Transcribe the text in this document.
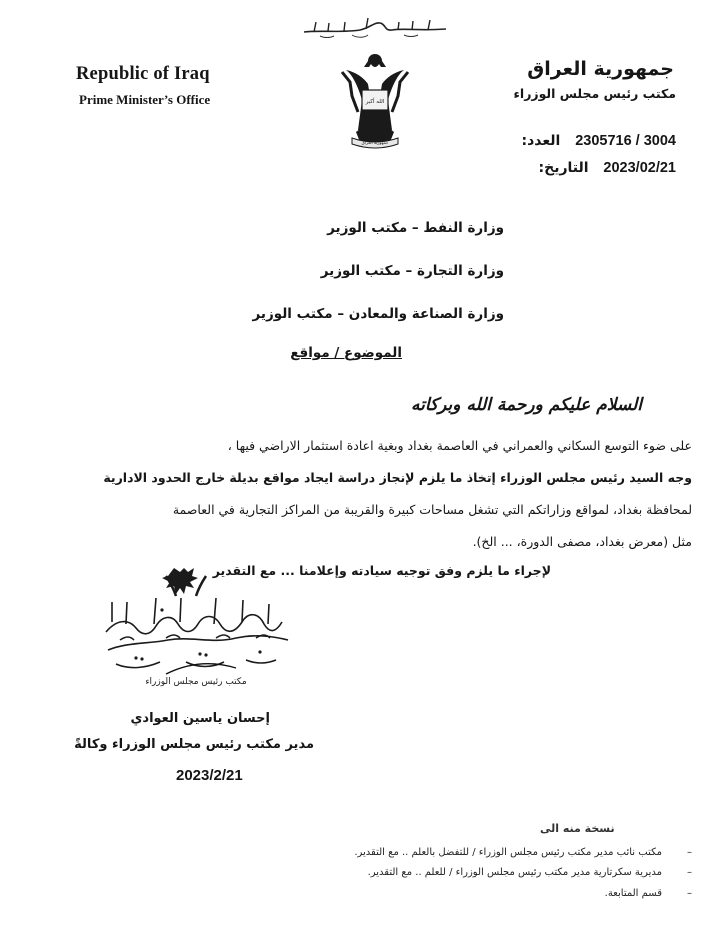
Republic of Iraq
Prime Minister’s Office	الله أكبر
جمهورية العراق
جمهورية العراق
مكتب رئيس مجلس الوزراء
العدد: 2305716 / 3004
التاريخ: 2023/02/21
وزارة النفط – مكتب الوزير
وزارة التجارة – مكتب الوزير
وزارة الصناعة والمعادن – مكتب الوزير
الموضوع / مواقع
السلام عليكم ورحمة الله وبركاته
على ضوء التوسع السكاني والعمراني في العاصمة بغداد وبغية اعادة استثمار الاراضي فيها ،
وجه السيد رئيس مجلس الوزراء إتخاذ ما يلزم لإنجاز دراسة ايجاد مواقع بديلة خارج الحدود الادارية
لمحافظة بغداد، لمواقع وزاراتكم التي تشغل مساحات كبيرة والقريبة من المراكز التجارية في العاصمة
مثل (معرض بغداد، مصفى الدورة، ... الخ).
لإجراء ما يلزم وفق توجيه سيادته وإعلامنا ... مع التقدير
مكتب رئيس مجلس الوزراء
إحسان ياسين العوادي
مدير مكتب رئيس مجلس الوزراء وكالةً
2023/2/21
نسخة منه الى
–مكتب نائب مدير مكتب رئيس مجلس الوزراء / للتفضل بالعلم .. مع التقدير.
–مديرية سكرتارية مدير مكتب رئيس مجلس الوزراء / للعلم .. مع التقدير.
–قسم المتابعة.
